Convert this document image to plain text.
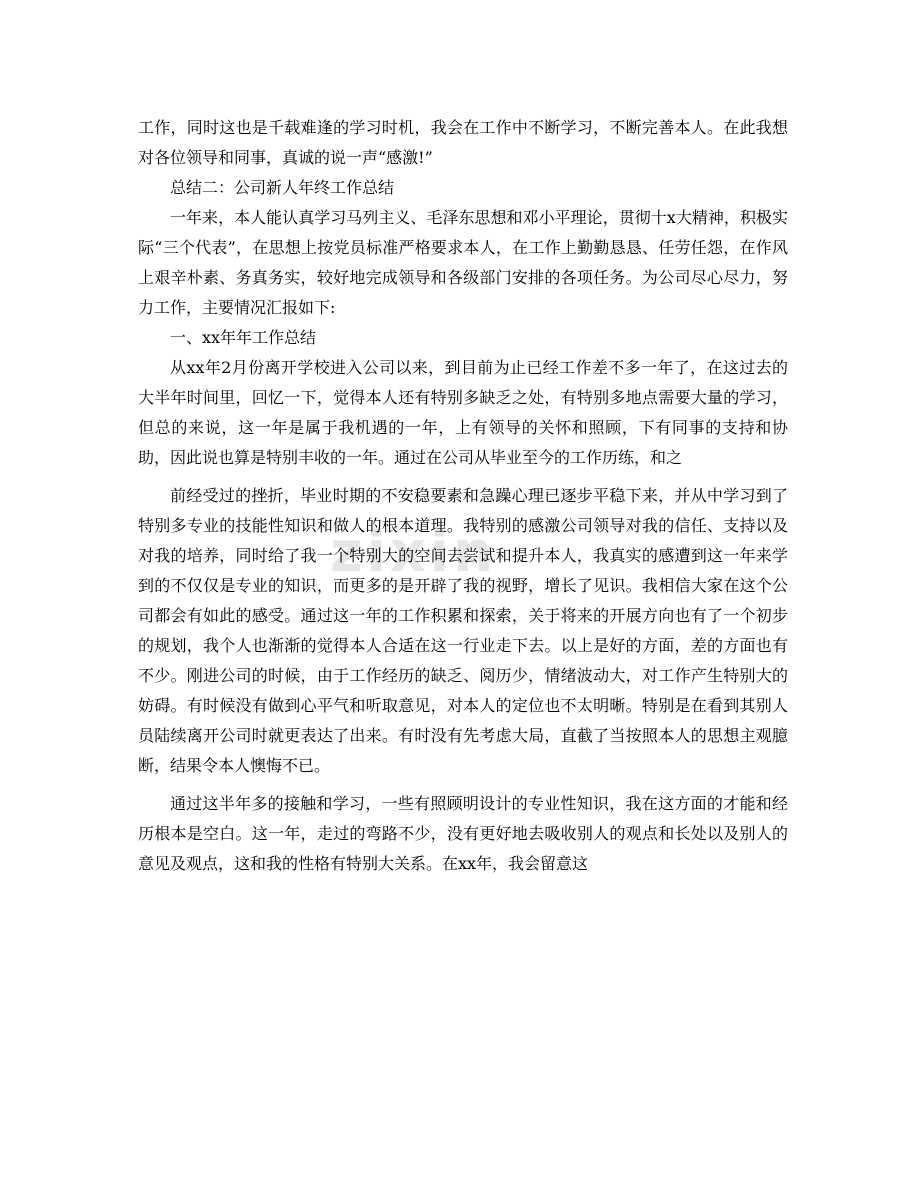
zixin

工作，同时这也是千载难逢的学习时机，我会在工作中不断学习，不断完善本人。在此我想对各位领导和同事，真诚的说一声“感激!”

总结二：公司新人年终工作总结

一年来，本人能认真学习马列主义、毛泽东思想和邓小平理论，贯彻十x大精神，积极实际“三个代表”，在思想上按党员标准严格要求本人，在工作上勤勤恳恳、任劳任怨，在作风上艰辛朴素、务真务实，较好地完成领导和各级部门安排的各项任务。为公司尽心尽力，努力工作，主要情况汇报如下:

一、xx年年工作总结

从xx年2月份离开学校进入公司以来，到目前为止已经工作差不多一年了，在这过去的大半年时间里，回忆一下，觉得本人还有特别多缺乏之处，有特别多地点需要大量的学习，但总的来说，这一年是属于我机遇的一年，上有领导的关怀和照顾，下有同事的支持和协助，因此说也算是特别丰收的一年。通过在公司从毕业至今的工作历练，和之

前经受过的挫折，毕业时期的不安稳要素和急躁心理已逐步平稳下来，并从中学习到了特别多专业的技能性知识和做人的根本道理。我特别的感激公司领导对我的信任、支持以及对我的培养，同时给了我一个特别大的空间去尝试和提升本人，我真实的感遭到这一年来学到的不仅仅是专业的知识，而更多的是开辟了我的视野，增长了见识。我相信大家在这个公司都会有如此的感受。通过这一年的工作积累和探索，关于将来的开展方向也有了一个初步的规划，我个人也渐渐的觉得本人合适在这一行业走下去。以上是好的方面，差的方面也有不少。刚进公司的时候，由于工作经历的缺乏、阅历少，情绪波动大，对工作产生特别大的妨碍。有时候没有做到心平气和听取意见，对本人的定位也不太明晰。特别是在看到其别人员陆续离开公司时就更表达了出来。有时没有先考虑大局，直截了当按照本人的思想主观臆断，结果令本人懊悔不已。

通过这半年多的接触和学习，一些有照顾明设计的专业性知识，我在这方面的才能和经历根本是空白。这一年，走过的弯路不少，没有更好地去吸收别人的观点和长处以及别人的意见及观点，这和我的性格有特别大关系。在xx年，我会留意这
